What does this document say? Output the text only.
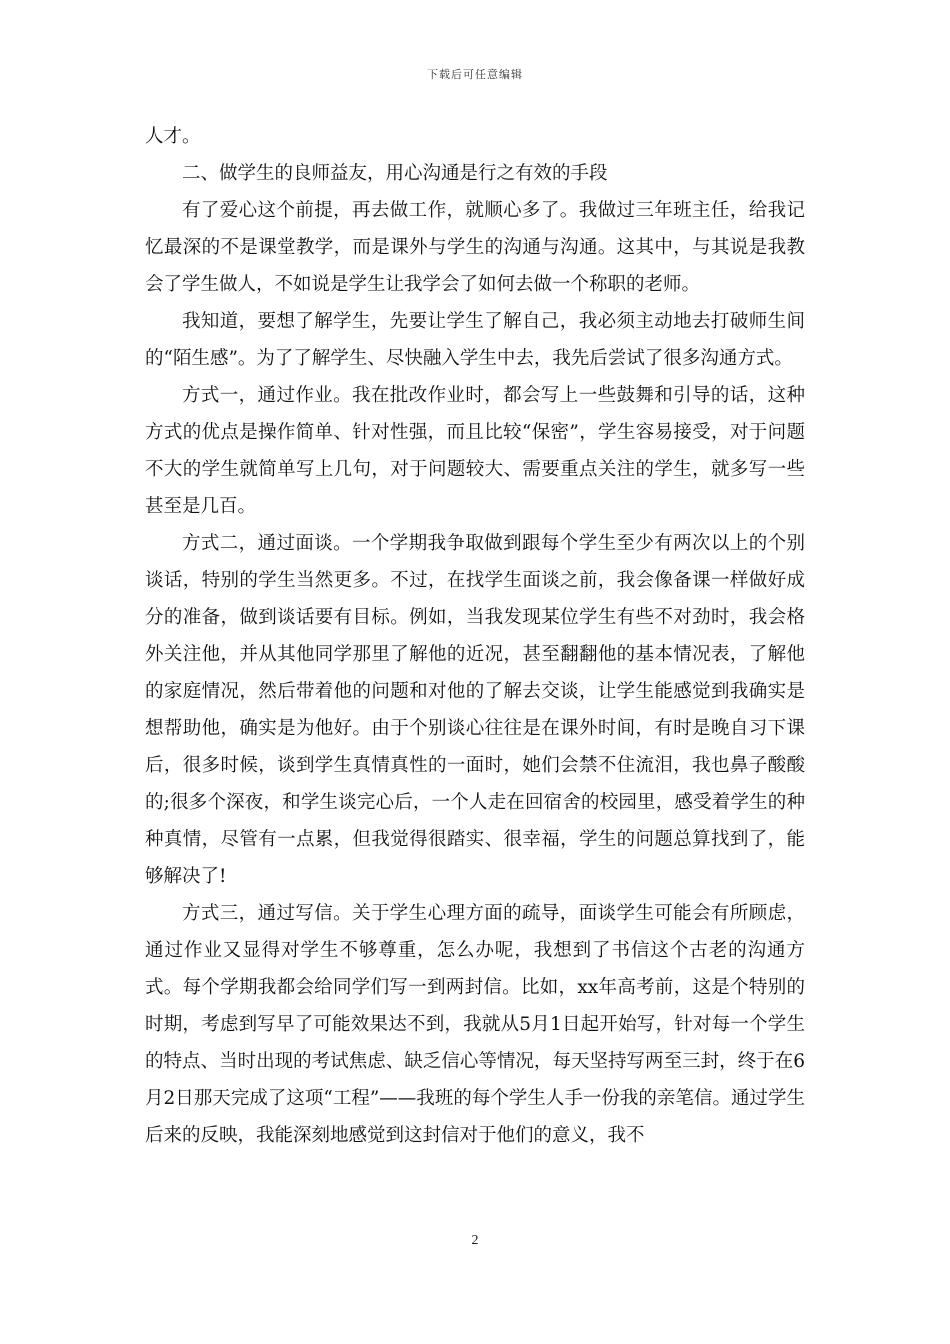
下载后可任意编辑

人才。

二、做学生的良师益友，用心沟通是行之有效的手段

有了爱心这个前提，再去做工作，就顺心多了。我做过三年班主任，给我记忆最深的不是课堂教学，而是课外与学生的沟通与沟通。这其中，与其说是我教会了学生做人，不如说是学生让我学会了如何去做一个称职的老师。

我知道，要想了解学生，先要让学生了解自己，我必须主动地去打破师生间的“陌生感”。为了了解学生、尽快融入学生中去，我先后尝试了很多沟通方式。

方式一，通过作业。我在批改作业时，都会写上一些鼓舞和引导的话，这种方式的优点是操作简单、针对性强，而且比较“保密”，学生容易接受，对于问题不大的学生就简单写上几句，对于问题较大、需要重点关注的学生，就多写一些甚至是几百。

方式二，通过面谈。一个学期我争取做到跟每个学生至少有两次以上的个别谈话，特别的学生当然更多。不过，在找学生面谈之前，我会像备课一样做好成分的准备，做到谈话要有目标。例如，当我发现某位学生有些不对劲时，我会格外关注他，并从其他同学那里了解他的近况，甚至翻翻他的基本情况表，了解他的家庭情况，然后带着他的问题和对他的了解去交谈，让学生能感觉到我确实是想帮助他，确实是为他好。由于个别谈心往往是在课外时间，有时是晚自习下课后，很多时候，谈到学生真情真性的一面时，她们会禁不住流泪，我也鼻子酸酸的;很多个深夜，和学生谈完心后，一个人走在回宿舍的校园里，感受着学生的种种真情，尽管有一点累，但我觉得很踏实、很幸福，学生的问题总算找到了，能够解决了!

方式三，通过写信。关于学生心理方面的疏导，面谈学生可能会有所顾虑，通过作业又显得对学生不够尊重，怎么办呢，我想到了书信这个古老的沟通方式。每个学期我都会给同学们写一到两封信。比如，xx年高考前，这是个特别的时期，考虑到写早了可能效果达不到，我就从5月1日起开始写，针对每一个学生的特点、当时出现的考试焦虑、缺乏信心等情况，每天坚持写两至三封，终于在6月2日那天完成了这项“工程”——我班的每个学生人手一份我的亲笔信。通过学生后来的反映，我能深刻地感觉到这封信对于他们的意义，我不

2
